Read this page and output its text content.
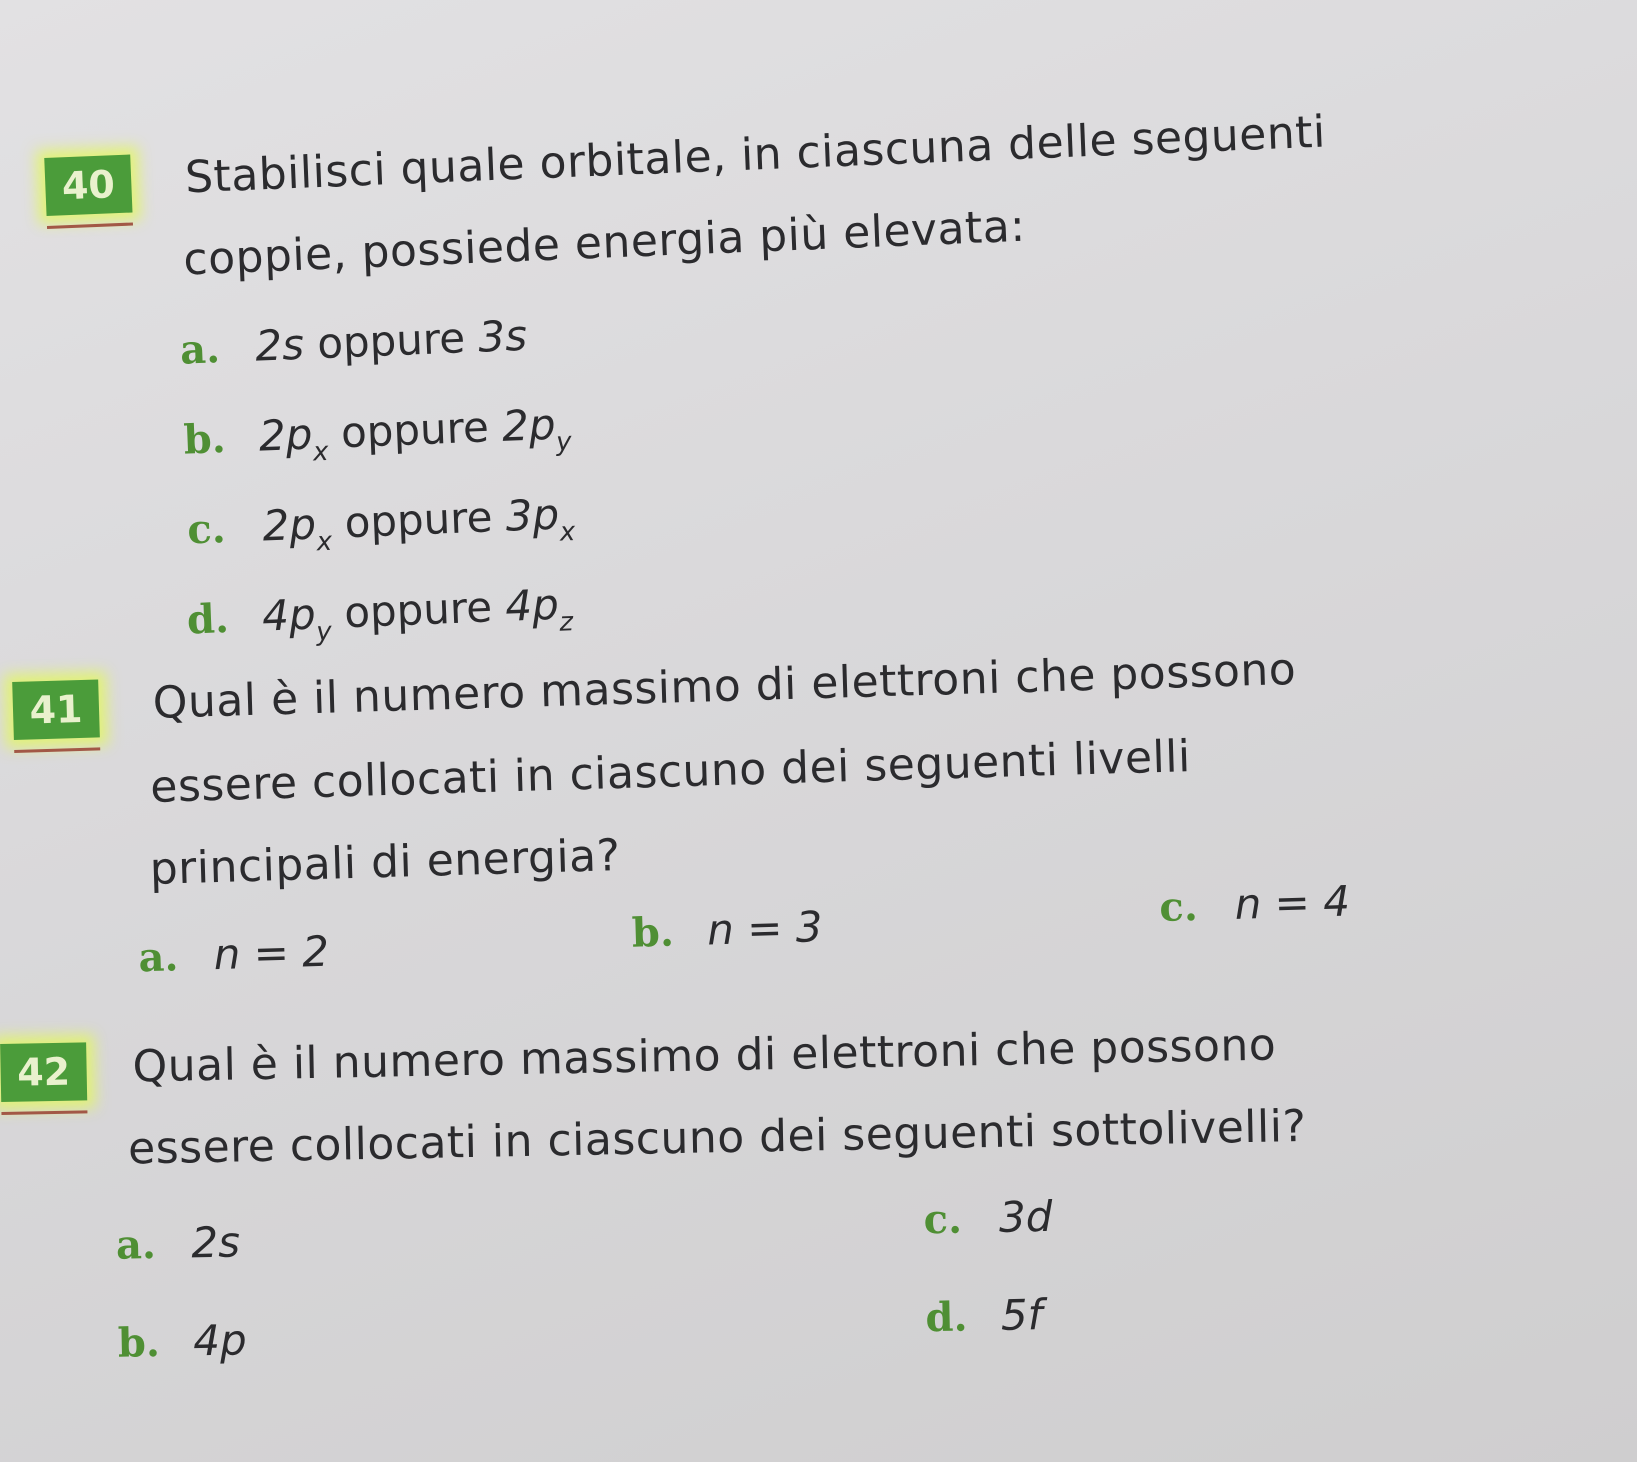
40	Stabilisci quale orbitale, in ciascuna delle seguenti
coppie, possiede energia più elevata:
a. 2s oppure 3s
b. $2p_x$ oppure $2p_y$
c. $2p_x$ oppure $3p_x$
d. $4p_y$ oppure $4p_z$
41	Qual è il numero massimo di elettroni che possono
essere collocati in ciascuno dei seguenti livelli
principali di energia?
a. n = 2	b. n = 3	c. n = 4
42	Qual è il numero massimo di elettroni che possono
essere collocati in ciascuno dei seguenti sottolivelli?
a. 2s
b. 4p
c. 3d
d. 5f
